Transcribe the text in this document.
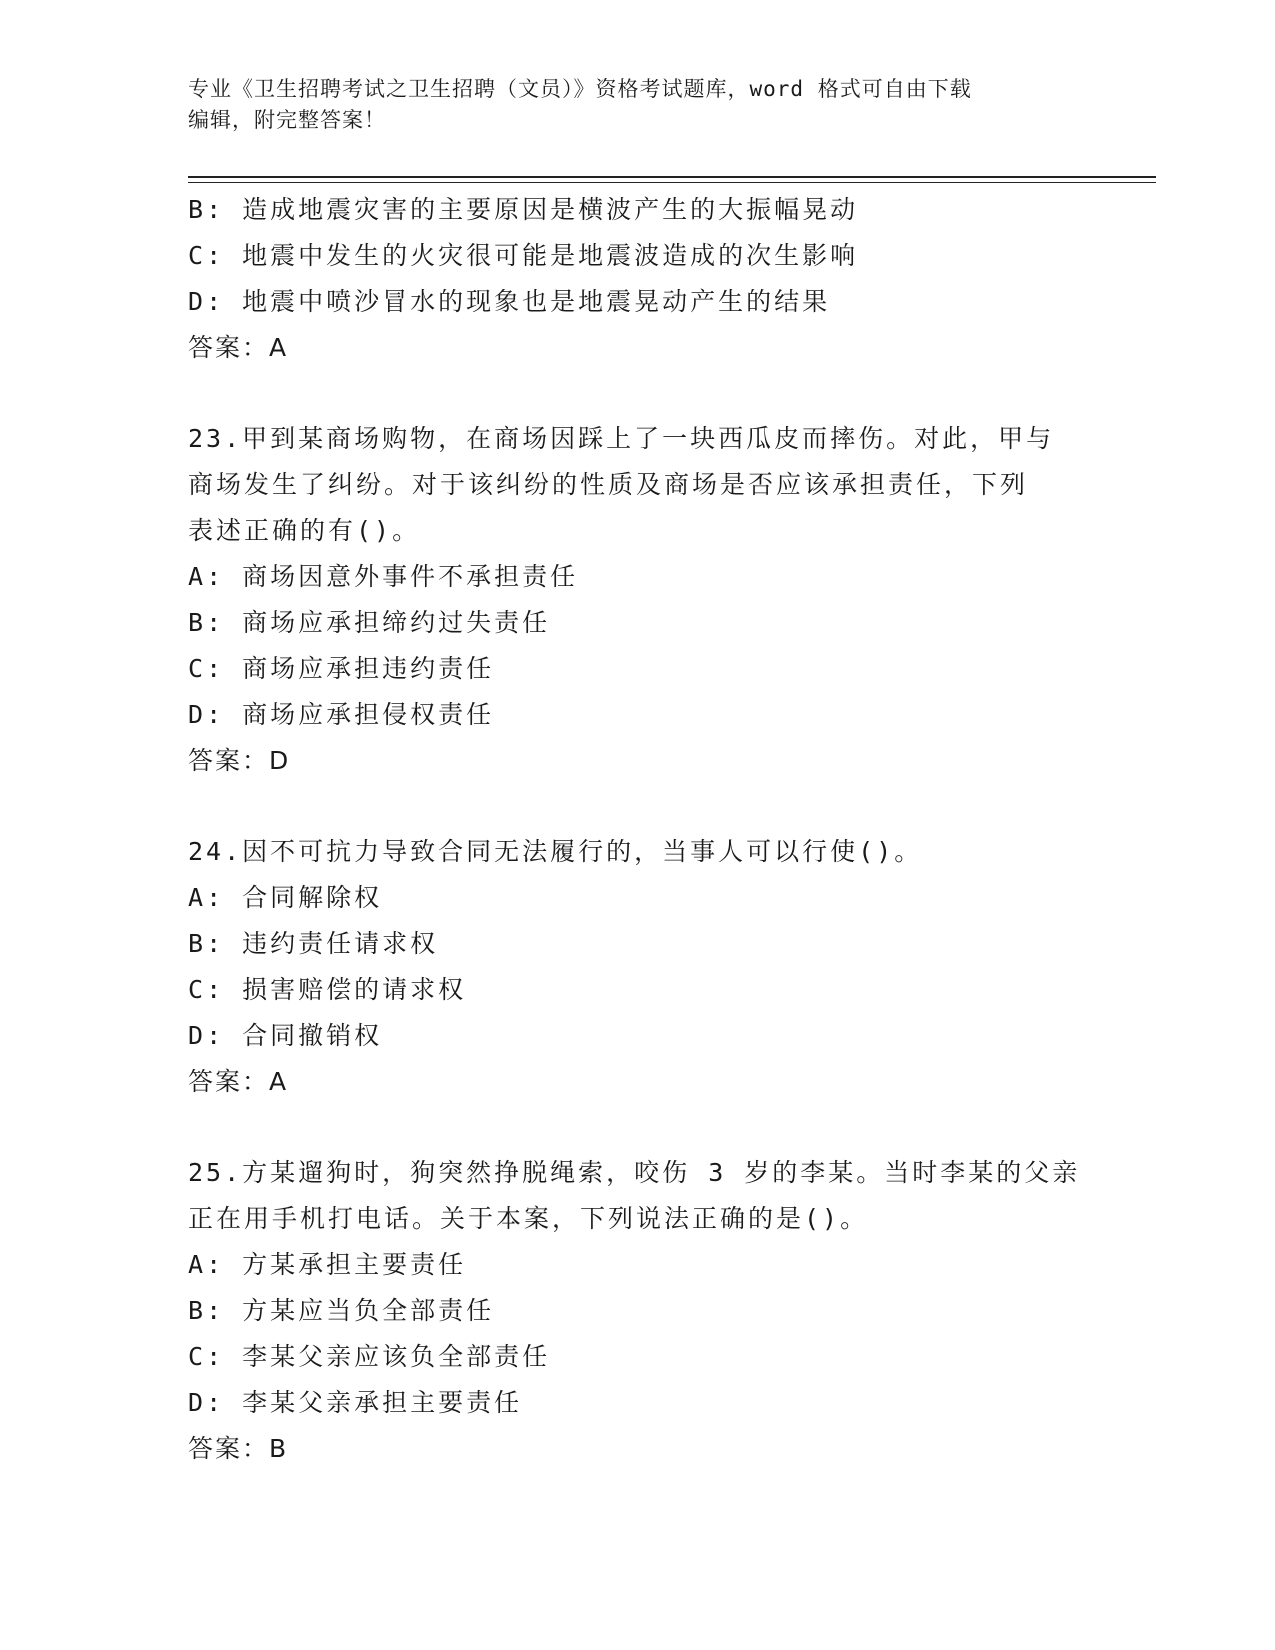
专业《卫生招聘考试之卫生招聘（文员）》资格考试题库，word 格式可自由下载
编辑，附完整答案！
B: 造成地震灾害的主要原因是横波产生的大振幅晃动
C: 地震中发生的火灾很可能是地震波造成的次生影响
D: 地震中喷沙冒水的现象也是地震晃动产生的结果
答案：A
23.甲到某商场购物，在商场因踩上了一块西瓜皮而摔伤。对此，甲与
商场发生了纠纷。对于该纠纷的性质及商场是否应该承担责任，下列
表述正确的有()。
A: 商场因意外事件不承担责任
B: 商场应承担缔约过失责任
C: 商场应承担违约责任
D: 商场应承担侵权责任
答案：D
24.因不可抗力导致合同无法履行的，当事人可以行使()。
A: 合同解除权
B: 违约责任请求权
C: 损害赔偿的请求权
D: 合同撤销权
答案：A
25.方某遛狗时，狗突然挣脱绳索，咬伤 3 岁的李某。当时李某的父亲
正在用手机打电话。关于本案，下列说法正确的是()。
A: 方某承担主要责任
B: 方某应当负全部责任
C: 李某父亲应该负全部责任
D: 李某父亲承担主要责任
答案：B
